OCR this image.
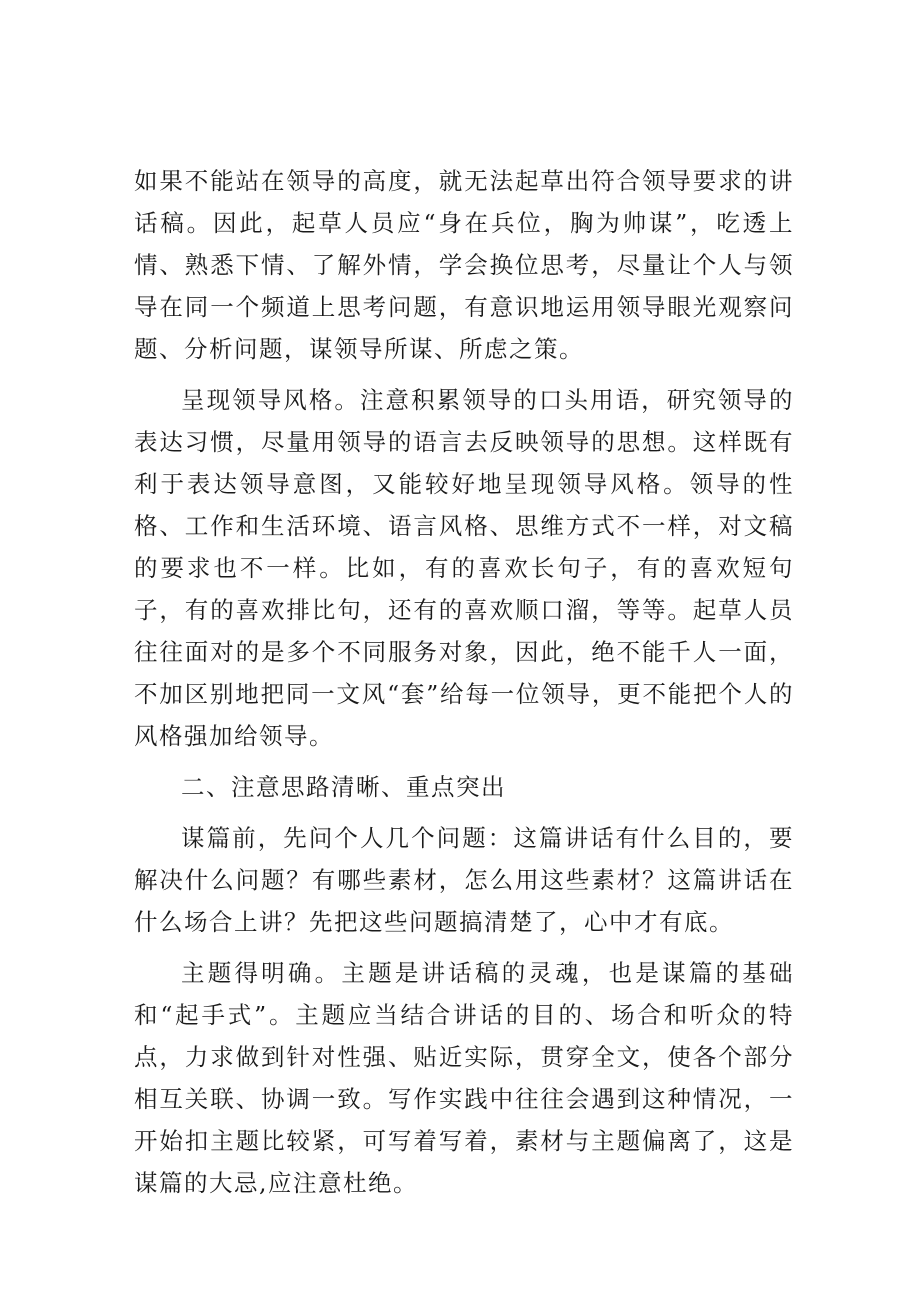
如果不能站在领导的高度，就无法起草出符合领导要求的讲话稿。因此，起草人员应“身在兵位，胸为帅谋”，吃透上情、熟悉下情、了解外情，学会换位思考，尽量让个人与领导在同一个频道上思考问题，有意识地运用领导眼光观察问题、分析问题，谋领导所谋、所虑之策。

呈现领导风格。注意积累领导的口头用语，研究领导的表达习惯，尽量用领导的语言去反映领导的思想。这样既有利于表达领导意图，又能较好地呈现领导风格。领导的性格、工作和生活环境、语言风格、思维方式不一样，对文稿的要求也不一样。比如，有的喜欢长句子，有的喜欢短句子，有的喜欢排比句，还有的喜欢顺口溜，等等。起草人员往往面对的是多个不同服务对象，因此，绝不能千人一面，不加区别地把同一文风“套”给每一位领导，更不能把个人的风格强加给领导。

二、注意思路清晰、重点突出

谋篇前，先问个人几个问题：这篇讲话有什么目的，要解决什么问题？有哪些素材，怎么用这些素材？这篇讲话在什么场合上讲？先把这些问题搞清楚了，心中才有底。

主题得明确。主题是讲话稿的灵魂，也是谋篇的基础和“起手式”。主题应当结合讲话的目的、场合和听众的特点，力求做到针对性强、贴近实际，贯穿全文，使各个部分相互关联、协调一致。写作实践中往往会遇到这种情况，一开始扣主题比较紧，可写着写着，素材与主题偏离了，这是谋篇的大忌,应注意杜绝。
